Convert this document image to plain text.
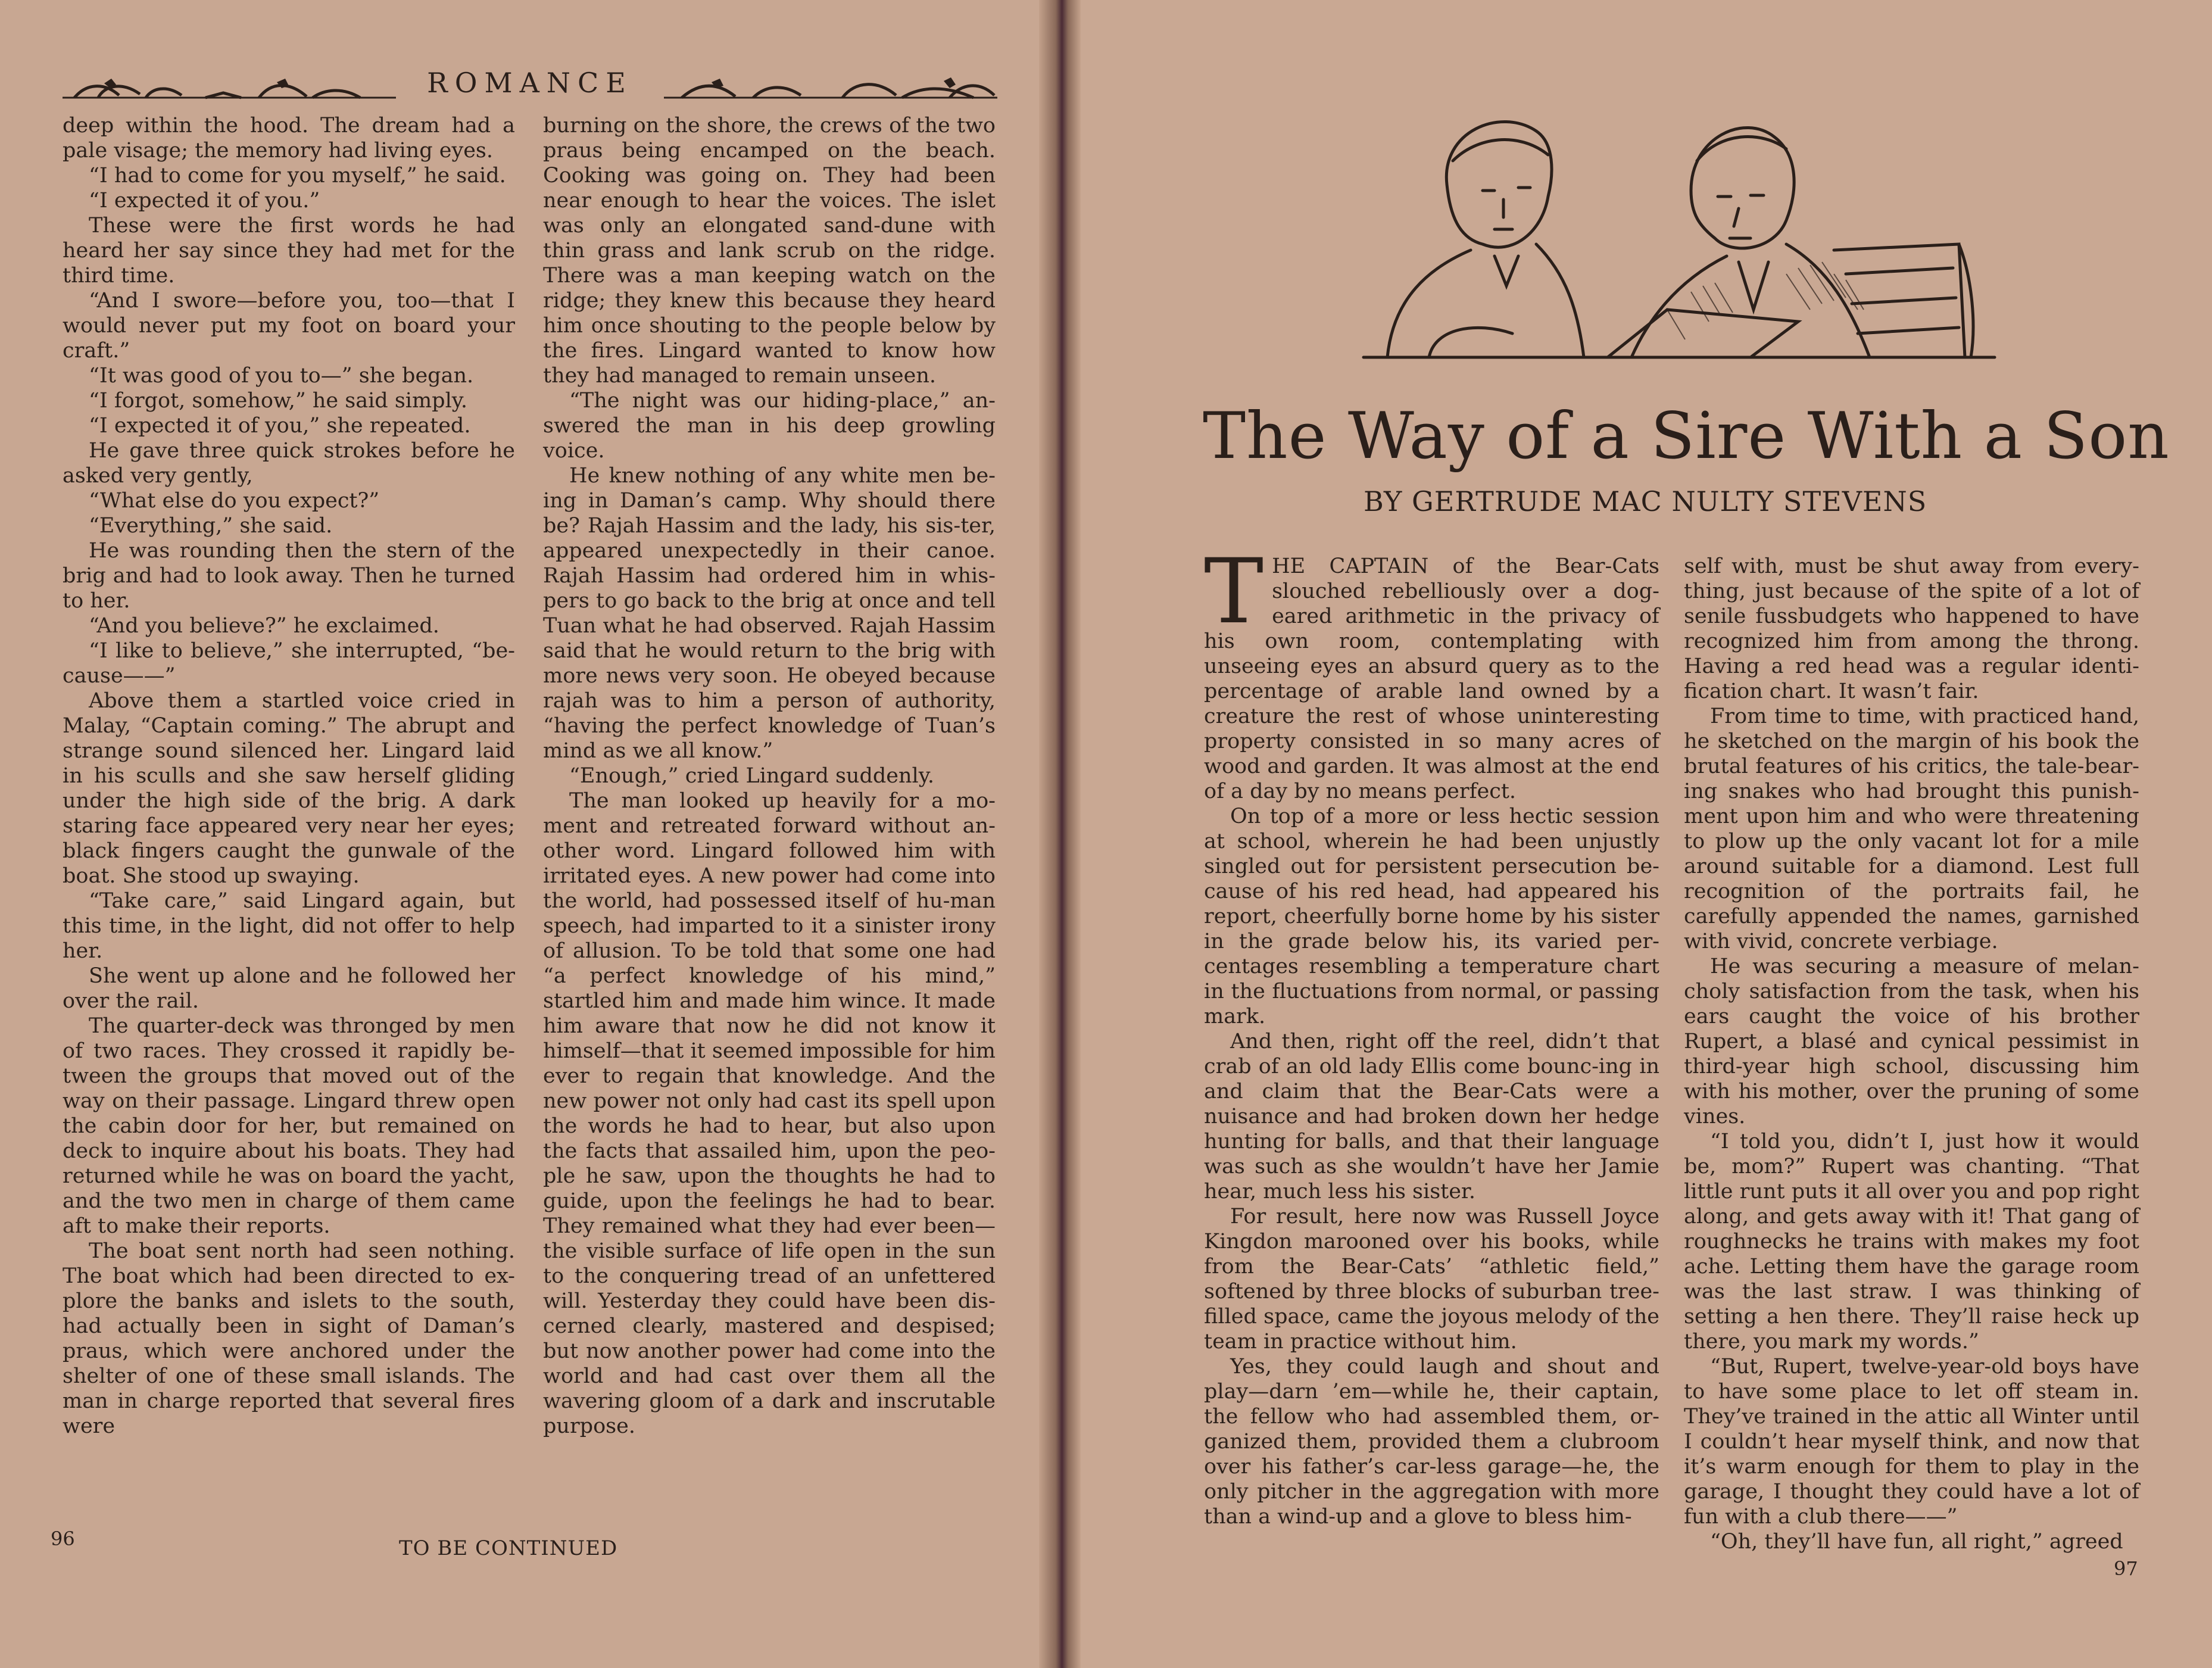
ROMANCE

deep within the hood. The dream had a pale visage; the memory had living eyes.

“I had to come for you myself,” he said.

“I expected it of you.”

These were the first words he had heard her say since they had met for the third time.

“And I swore—before you, too—that I would never put my foot on board your craft.”

“It was good of you to—” she began.

“I forgot, somehow,” he said simply.

“I expected it of you,” she repeated.

He gave three quick strokes before he asked very gently,

“What else do you expect?”

“Everything,” she said.

He was rounding then the stern of the brig and had to look away. Then he turned to her.

“And you believe?” he exclaimed.

“I like to believe,” she interrupted, “be-cause——”

Above them a startled voice cried in Malay, “Captain coming.” The abrupt and strange sound silenced her. Lingard laid in his sculls and she saw herself gliding under the high side of the brig. A dark staring face appeared very near her eyes; black fingers caught the gunwale of the boat. She stood up swaying.

“Take care,” said Lingard again, but this time, in the light, did not offer to help her.

She went up alone and he followed her over the rail.

The quarter-deck was thronged by men of two races. They crossed it rapidly be-tween the groups that moved out of the way on their passage. Lingard threw open the cabin door for her, but remained on deck to inquire about his boats. They had returned while he was on board the yacht, and the two men in charge of them came aft to make their reports.

The boat sent north had seen nothing. The boat which had been directed to ex-plore the banks and islets to the south, had actually been in sight of Daman’s praus, which were anchored under the shelter of one of these small islands. The man in charge reported that several fires were

burning on the shore, the crews of the two praus being encamped on the beach. Cooking was going on. They had been near enough to hear the voices. The islet was only an elongated sand-dune with thin grass and lank scrub on the ridge. There was a man keeping watch on the ridge; they knew this because they heard him once shouting to the people below by the fires. Lingard wanted to know how they had managed to remain unseen.

“The night was our hiding-place,” an-swered the man in his deep growling voice.

He knew nothing of any white men be-ing in Daman’s camp. Why should there be? Rajah Hassim and the lady, his sis-ter, appeared unexpectedly in their canoe. Rajah Hassim had ordered him in whis-pers to go back to the brig at once and tell Tuan what he had observed. Rajah Hassim said that he would return to the brig with more news very soon. He obeyed because rajah was to him a person of authority, “having the perfect knowledge of Tuan’s mind as we all know.”

“Enough,” cried Lingard suddenly.

The man looked up heavily for a mo-ment and retreated forward without an-other word. Lingard followed him with irritated eyes. A new power had come into the world, had possessed itself of hu-man speech, had imparted to it a sinister irony of allusion. To be told that some one had “a perfect knowledge of his mind,” startled him and made him wince. It made him aware that now he did not know it himself—that it seemed impossible for him ever to regain that knowledge. And the new power not only had cast its spell upon the words he had to hear, but also upon the facts that assailed him, upon the peo-ple he saw, upon the thoughts he had to guide, upon the feelings he had to bear. They remained what they had ever been—the visible surface of life open in the sun to the conquering tread of an unfettered will. Yesterday they could have been dis-cerned clearly, mastered and despised; but now another power had come into the world and had cast over them all the wavering gloom of a dark and inscrutable purpose.

96	TO BE CONTINUED
The Way of a Sire With a Son
BY GERTRUDE MAC NULTY STEVENS

THE CAPTAIN of the Bear-Cats slouched rebelliously over a dog-eared arithmetic in the privacy of his own room, contemplating with unseeing eyes an absurd query as to the percentage of arable land owned by a creature the rest of whose uninteresting property consisted in so many acres of wood and garden. It was almost at the end of a day by no means perfect.

On top of a more or less hectic session at school, wherein he had been unjustly singled out for persistent persecution be-cause of his red head, had appeared his report, cheerfully borne home by his sister in the grade below his, its varied per-centages resembling a temperature chart in the fluctuations from normal, or passing mark.

And then, right off the reel, didn’t that crab of an old lady Ellis come bounc-ing in and claim that the Bear-Cats were a nuisance and had broken down her hedge hunting for balls, and that their language was such as she wouldn’t have her Jamie hear, much less his sister.

For result, here now was Russell Joyce Kingdon marooned over his books, while from the Bear-Cats’ “athletic field,” softened by three blocks of suburban tree-filled space, came the joyous melody of the team in practice without him.

Yes, they could laugh and shout and play—darn ’em—while he, their captain, the fellow who had assembled them, or-ganized them, provided them a clubroom over his father’s car-less garage—he, the only pitcher in the aggregation with more than a wind-up and a glove to bless him-

self with, must be shut away from every-thing, just because of the spite of a lot of senile fussbudgets who happened to have recognized him from among the throng. Having a red head was a regular identi-fication chart. It wasn’t fair.

From time to time, with practiced hand, he sketched on the margin of his book the brutal features of his critics, the tale-bear-ing snakes who had brought this punish-ment upon him and who were threatening to plow up the only vacant lot for a mile around suitable for a diamond. Lest full recognition of the portraits fail, he carefully appended the names, garnished with vivid, concrete verbiage.

He was securing a measure of melan-choly satisfaction from the task, when his ears caught the voice of his brother Rupert, a blasé and cynical pessimist in third-year high school, discussing him with his mother, over the pruning of some vines.

“I told you, didn’t I, just how it would be, mom?” Rupert was chanting. “That little runt puts it all over you and pop right along, and gets away with it! That gang of roughnecks he trains with makes my foot ache. Letting them have the garage room was the last straw. I was thinking of setting a hen there. They’ll raise heck up there, you mark my words.”

“But, Rupert, twelve-year-old boys have to have some place to let off steam in. They’ve trained in the attic all Winter until I couldn’t hear myself think, and now that it’s warm enough for them to play in the garage, I thought they could have a lot of fun with a club there——”

“Oh, they’ll have fun, all right,” agreed

97
